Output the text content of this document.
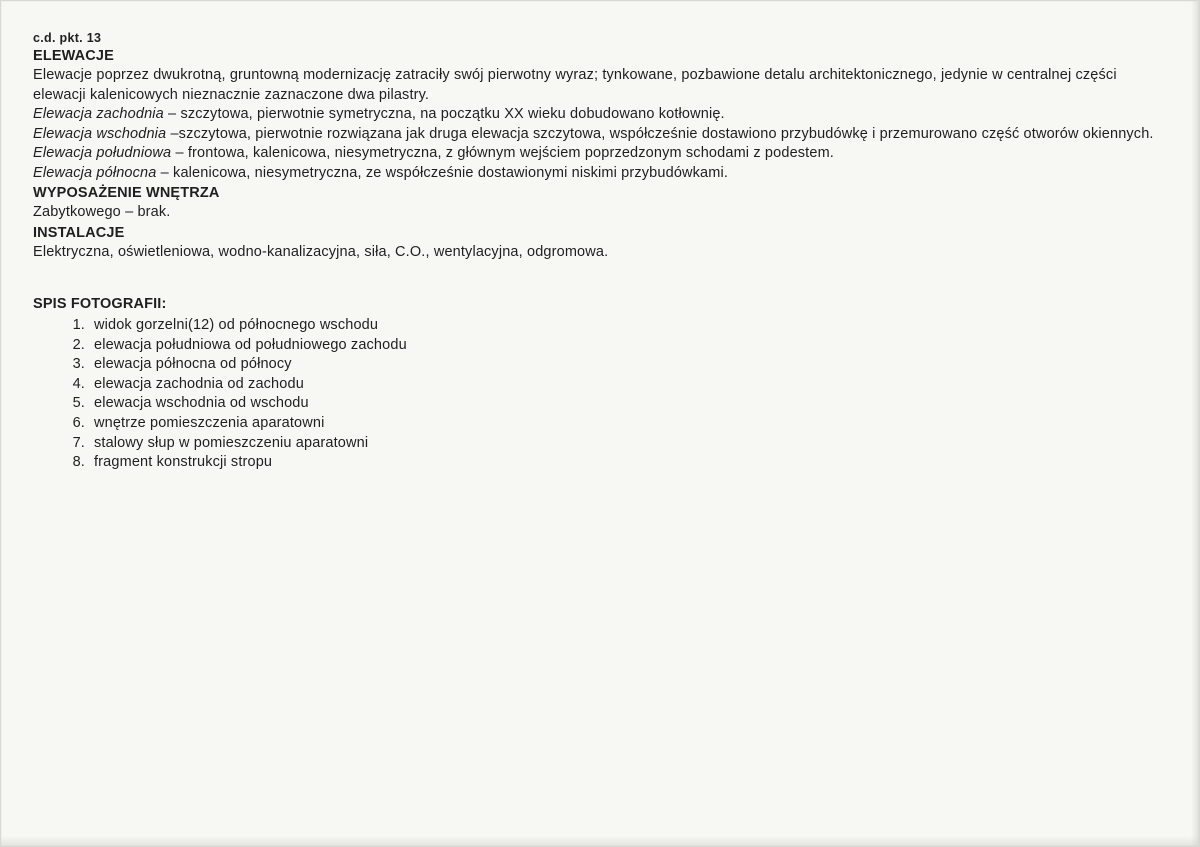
c.d. pkt. 13
ELEWACJE

Elewacje poprzez dwukrotną, gruntowną modernizację zatraciły swój pierwotny wyraz; tynkowane, pozbawione detalu architektonicznego, jedynie w centralnej części elewacji kalenicowych nieznacznie zaznaczone dwa pilastry.

Elewacja zachodnia – szczytowa, pierwotnie symetryczna, na początku XX wieku dobudowano kotłownię.

Elewacja wschodnia –szczytowa, pierwotnie rozwiązana jak druga elewacja szczytowa, współcześnie dostawiono przybudówkę i przemurowano część otworów okiennych.

Elewacja południowa – frontowa, kalenicowa, niesymetryczna, z głównym wejściem poprzedzonym schodami z podestem.

Elewacja północna – kalenicowa, niesymetryczna, ze współcześnie dostawionymi niskimi przybudówkami.

WYPOSAŻENIE WNĘTRZA

Zabytkowego – brak.

INSTALACJE

Elektryczna, oświetleniowa, wodno-kanalizacyjna, siła, C.O., wentylacyjna, odgromowa.

SPIS FOTOGRAFII:
1. widok gorzelni(12) od północnego wschodu
2. elewacja południowa od południowego zachodu
3. elewacja północna od północy
4. elewacja zachodnia od zachodu
5. elewacja wschodnia od wschodu
6. wnętrze pomieszczenia aparatowni
7. stalowy słup w pomieszczeniu aparatowni
8. fragment konstrukcji stropu
